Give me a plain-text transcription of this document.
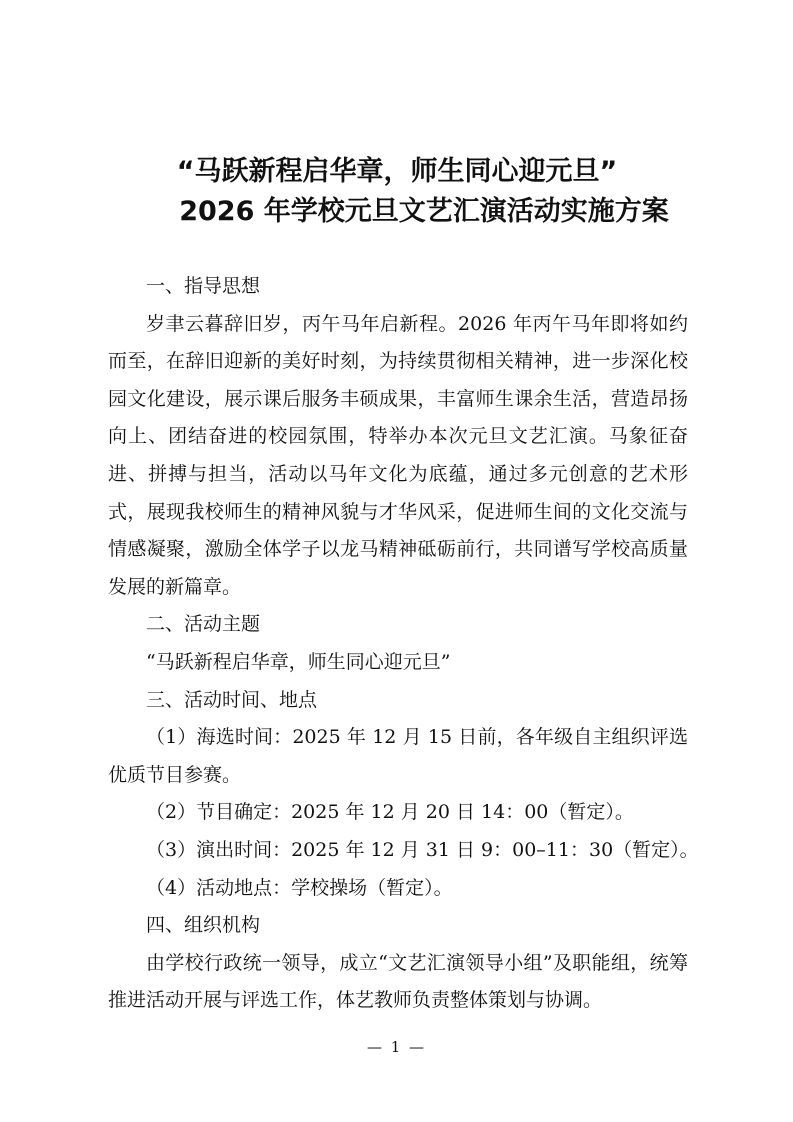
“马跃新程启华章，师生同心迎元旦”
2026 年学校元旦文艺汇演活动实施方案

一、指导思想

岁聿云暮辞旧岁，丙午马年启新程。2026 年丙午马年即将如约而至，在辞旧迎新的美好时刻，为持续贯彻相关精神，进一步深化校园文化建设，展示课后服务丰硕成果，丰富师生课余生活，营造昂扬向上、团结奋进的校园氛围，特举办本次元旦文艺汇演。马象征奋进、拼搏与担当，活动以马年文化为底蕴，通过多元创意的艺术形式，展现我校师生的精神风貌与才华风采，促进师生间的文化交流与情感凝聚，激励全体学子以龙马精神砥砺前行，共同谱写学校高质量发展的新篇章。

二、活动主题

“马跃新程启华章，师生同心迎元旦”

三、活动时间、地点

（1）海选时间：2025 年 12 月 15 日前，各年级自主组织评选优质节目参赛。

（2）节目确定：2025 年 12 月 20 日 14：00（暂定）。

（3）演出时间：2025 年 12 月 31 日 9：00–11：30（暂定）。

（4）活动地点：学校操场（暂定）。

四、组织机构

由学校行政统一领导，成立“文艺汇演领导小组”及职能组，统筹推进活动开展与评选工作，体艺教师负责整体策划与协调。

— 1 —
